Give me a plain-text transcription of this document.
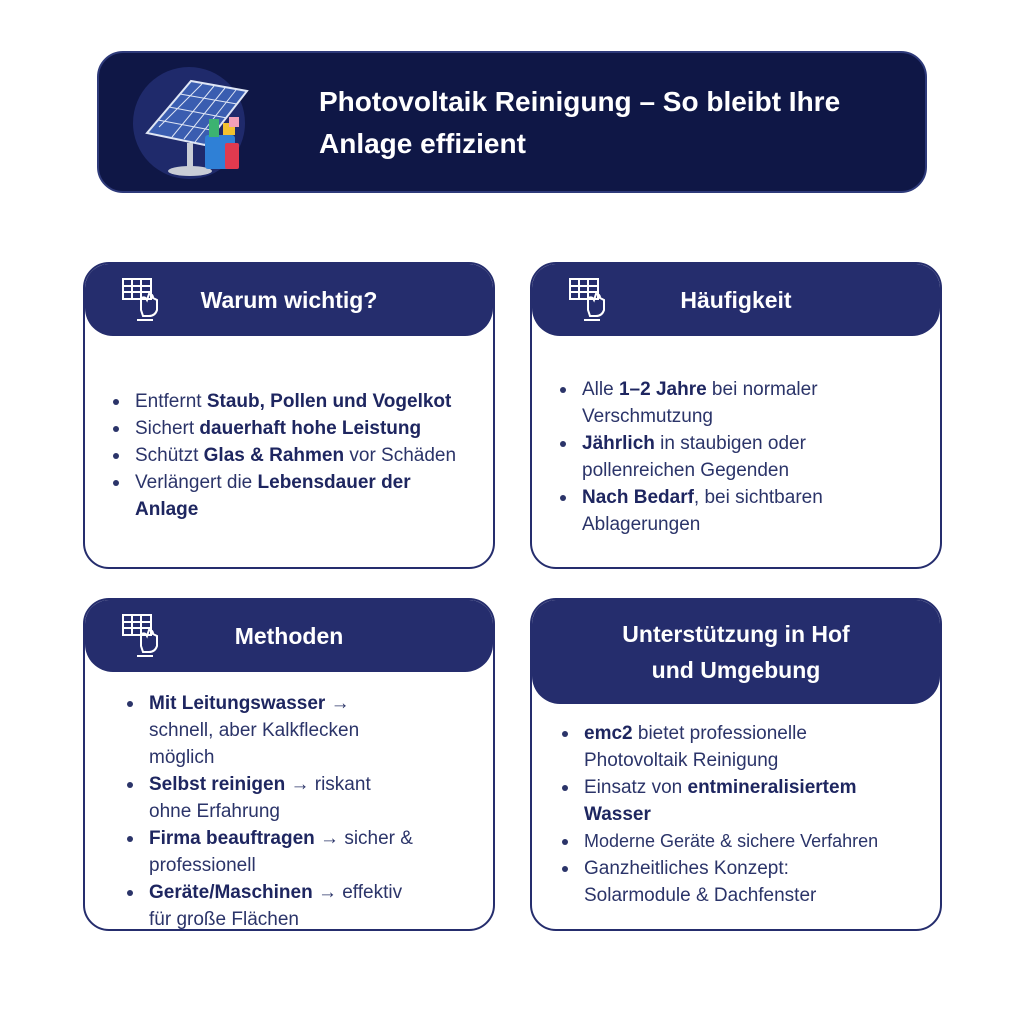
Photovoltaik Reinigung – So bleibt Ihre Anlage effizient
Warum wichtig?
Entfernt Staub, Pollen und Vogelkot
Sichert dauerhaft hohe Leistung
Schützt Glas & Rahmen vor Schäden
Verlängert die Lebensdauer der Anlage
Häufigkeit
Alle 1–2 Jahre bei normaler Verschmutzung
Jährlich in staubigen oder pollenreichen Gegenden
Nach Bedarf, bei sichtbaren Ablagerungen
Methoden
Mit Leitungswasser → schnell, aber Kalkflecken möglich
Selbst reinigen → riskant ohne Erfahrung
Firma beauftragen → sicher & professionell
Geräte/Maschinen → effektiv für große Flächen
Unterstützung in Hof und Umgebung
emc2 bietet professionelle Photovoltaik Reinigung
Einsatz von entmineralisiertem Wasser
Moderne Geräte & sichere Verfahren
Ganzheitliches Konzept: Solarmodule & Dachfenster
